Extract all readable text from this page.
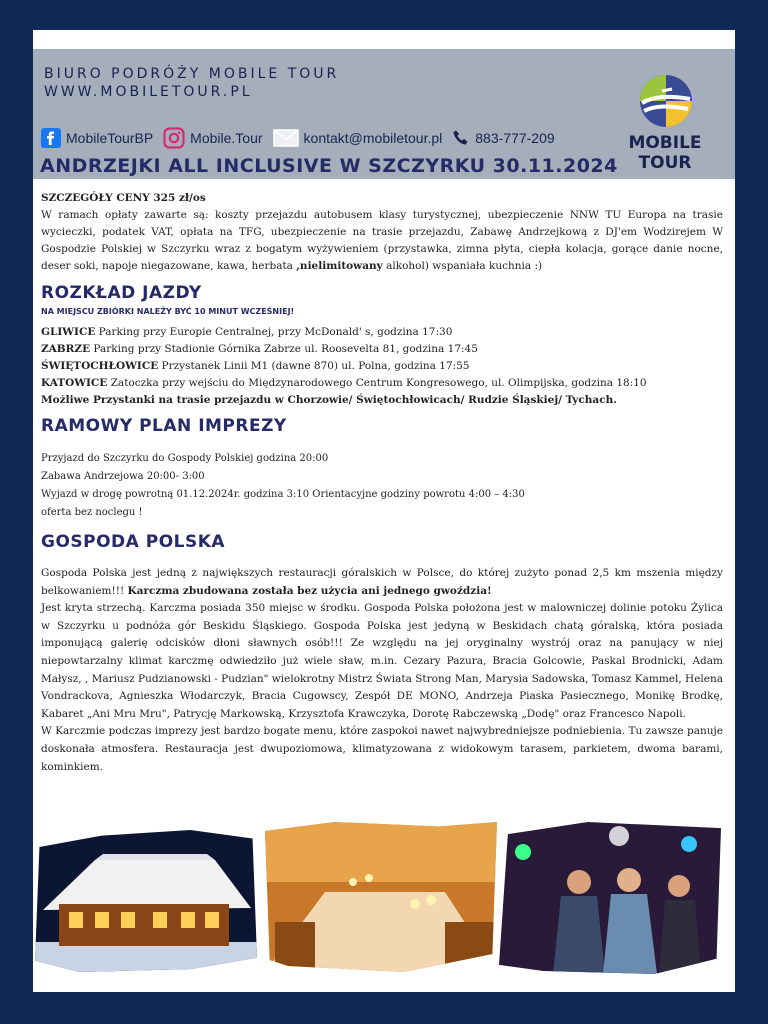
BIURO PODRÓŻY MOBILE TOUR
WWW.MOBILETOUR.PL
MobileTourBP	Mobile.Tour	kontakt@mobiletour.pl 883-777-209	MOBILE TOUR
ANDRZEJKI ALL INCLUSIVE W SZCZYRKU 30.11.2024
SZCZEGÓŁY CENY 325 zł/os
W ramach opłaty zawarte są: koszty przejazdu autobusem klasy turystycznej, ubezpieczenie NNW TU Europa na trasie wycieczki, podatek VAT, opłata na TFG, ubezpieczenie na trasie przejazdu, Zabawę Andrzejkową z DJ'em Wodzirejem W Gospodzie Polskiej w Szczyrku wraz z bogatym wyżywieniem (przystawka, zimna płyta, ciepła kolacja, gorące danie nocne, deser soki, napoje niegazowane, kawa, herbata ,nielimitowany alkohol) wspaniała kuchnia :)
ROZKŁAD JAZDY
NA MIEJSCU ZBIÓRKI NALEŻY BYĆ 10 MINUT WCZEŚNIEJ!
GLIWICE Parking przy Europie Centralnej, przy McDonald' s, godzina 17:30
ZABRZE Parking przy Stadionie Górnika Zabrze ul. Roosevelta 81, godzina 17:45
ŚWIĘTOCHŁOWICE Przystanek Linii M1 (dawne 870) ul. Polna, godzina 17:55
KATOWICE Zatoczka przy wejściu do Międzynarodowego Centrum Kongresowego, ul. Olimpijska, godzina 18:10
Możliwe Przystanki na trasie przejazdu w Chorzowie/ Świętochłowicach/ Rudzie Śląskiej/ Tychach.
RAMOWY PLAN IMPREZY
Przyjazd do Szczyrku do Gospody Polskiej godzina 20:00
Zabawa Andrzejowa 20:00- 3:00
Wyjazd w drogę powrotną 01.12.2024r. godzina 3:10 Orientacyjne godziny powrotu 4:00 – 4:30
oferta bez noclegu !
GOSPODA POLSKA
Gospoda Polska jest jedną z największych restauracji góralskich w Polsce, do której zużyto ponad 2,5 km mszenia między belkowaniem!!! Karczma zbudowana została bez użycia ani jednego gwoździa!
Jest kryta strzechą. Karczma posiada 350 miejsc w środku. Gospoda Polska położona jest w malowniczej dolinie potoku Żylica w Szczyrku u podnóża gór Beskidu Śląskiego. Gospoda Polska jest jedyną w Beskidach chatą góralską, która posiada imponującą galerię odcisków dłoni sławnych osób!!! Ze względu na jej oryginalny wystrój oraz na panujący w niej niepowtarzalny klimat karczmę odwiedziło już wiele sław, m.in. Cezary Pazura, Bracia Golcowie, Paskal Brodnicki, Adam Małysz, , Mariusz Pudzianowski - Pudzian" wielokrotny Mistrz Świata Strong Man, Marysia Sadowska, Tomasz Kammel, Helena Vondrackova, Agnieszka Włodarczyk, Bracia Cugowscy, Zespół DE MONO, Andrzeja Piaska Pasiecznego, Monikę Brodkę, Kabaret „Ani Mru Mru", Patrycję Markowską, Krzysztofa Krawczyka, Dorotę Rabczewską „Dodę" oraz Francesco Napoli.
W Karczmie podczas imprezy jest bardzo bogate menu, które zaspokoi nawet najwybredniejsze podniebienia. Tu zawsze panuje doskonała atmosfera. Restauracja jest dwupoziomowa, klimatyzowana z widokowym tarasem, parkietem, dwoma barami, kominkiem.
